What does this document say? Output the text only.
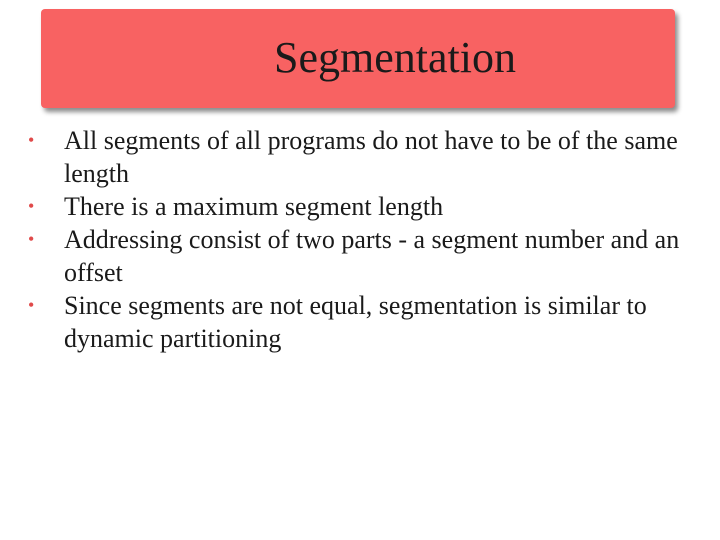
Segmentation
•	All segments of all programs do not have to be of the same length
•	There is a maximum segment length
•	Addressing consist of two parts - a segment number and an offset
•	Since segments are not equal, segmentation is similar to dynamic partitioning
